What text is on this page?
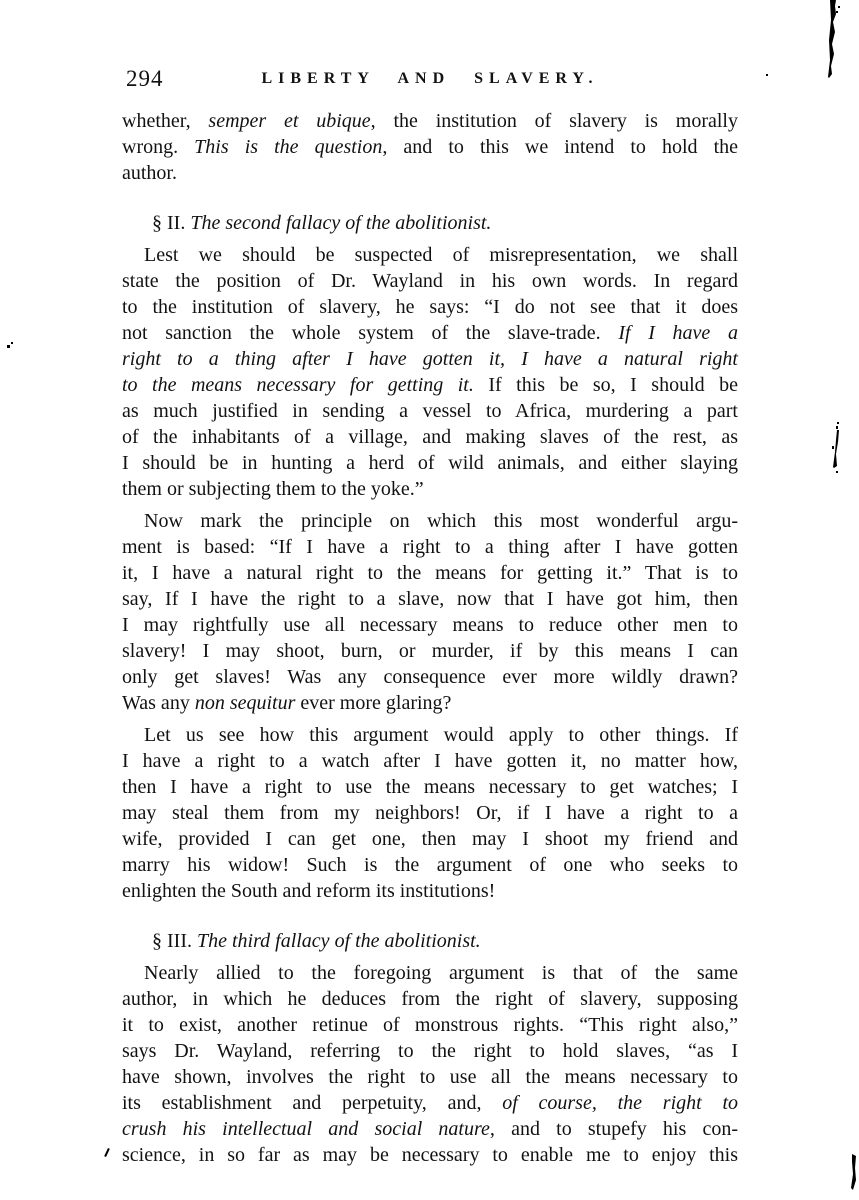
294	LIBERTY AND SLAVERY.
whether, semper et ubique, the institution of slavery is morally
wrong. This is the question, and to this we intend to hold the
author.
§ II. The second fallacy of the abolitionist.
Lest we should be suspected of misrepresentation, we shall
state the position of Dr. Wayland in his own words. In regard
to the institution of slavery, he says: “I do not see that it does
not sanction the whole system of the slave-trade. If I have a
right to a thing after I have gotten it, I have a natural right
to the means necessary for getting it. If this be so, I should be
as much justified in sending a vessel to Africa, murdering a part
of the inhabitants of a village, and making slaves of the rest, as
I should be in hunting a herd of wild animals, and either slaying
them or subjecting them to the yoke.”
Now mark the principle on which this most wonderful argu-
ment is based: “If I have a right to a thing after I have gotten
it, I have a natural right to the means for getting it.” That is to
say, If I have the right to a slave, now that I have got him, then
I may rightfully use all necessary means to reduce other men to
slavery! I may shoot, burn, or murder, if by this means I can
only get slaves! Was any consequence ever more wildly drawn?
Was any non sequitur ever more glaring?
Let us see how this argument would apply to other things. If
I have a right to a watch after I have gotten it, no matter how,
then I have a right to use the means necessary to get watches; I
may steal them from my neighbors! Or, if I have a right to a
wife, provided I can get one, then may I shoot my friend and
marry his widow! Such is the argument of one who seeks to
enlighten the South and reform its institutions!
§ III. The third fallacy of the abolitionist.
Nearly allied to the foregoing argument is that of the same
author, in which he deduces from the right of slavery, supposing
it to exist, another retinue of monstrous rights. “This right also,”
says Dr. Wayland, referring to the right to hold slaves, “as I
have shown, involves the right to use all the means necessary to
its establishment and perpetuity, and, of course, the right to
crush his intellectual and social nature, and to stupefy his con-
science, in so far as may be necessary to enable me to enjoy this
